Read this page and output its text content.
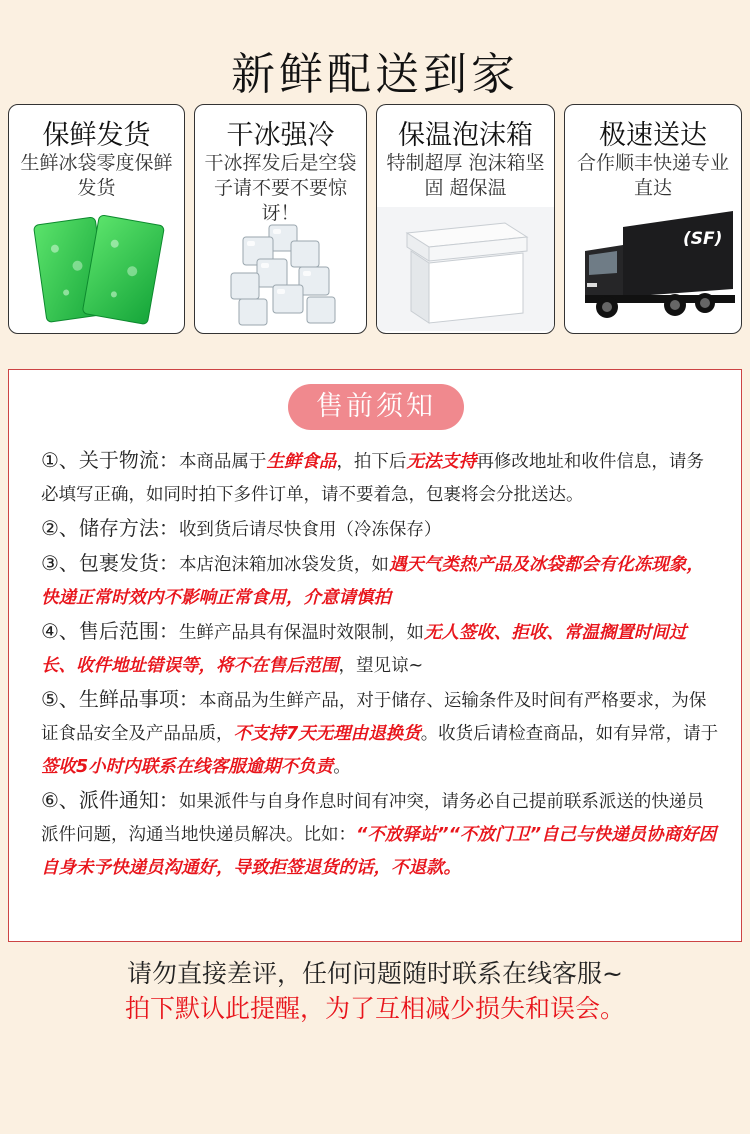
新鲜配送到家
保鲜发货
生鲜冰袋零度保鲜发货
干冰强冷
干冰挥发后是空袋子请不要不要惊讶！
保温泡沫箱
特制超厚 泡沫箱坚固 超保温
极速送达
合作顺丰快递专业直达
(SF)
售前须知
①、关于物流：本商品属于生鲜食品，拍下后无法支持再修改地址和收件信息，请务必填写正确，如同时拍下多件订单，请不要着急，包裹将会分批送达。
②、储存方法：收到货后请尽快食用（冷冻保存）
③、包裹发货：本店泡沫箱加冰袋发货，如遇天气类热产品及冰袋都会有化冻现象，快递正常时效内不影响正常食用，介意请慎拍
④、售后范围：生鲜产品具有保温时效限制，如无人签收、拒收、常温搁置时间过长、收件地址错误等，将不在售后范围，望见谅~
⑤、生鲜品事项：本商品为生鲜产品，对于储存、运输条件及时间有严格要求，为保证食品安全及产品品质，不支持7天无理由退换货。收货后请检查商品，如有异常，请于签收5小时内联系在线客服逾期不负责。
⑥、派件通知：如果派件与自身作息时间有冲突，请务必自己提前联系派送的快递员派件问题，沟通当地快递员解决。比如：“不放驿站”“不放门卫”自己与快递员协商好因自身未予快递员沟通好，导致拒签退货的话，不退款。
请勿直接差评，任何问题随时联系在线客服~
拍下默认此提醒，为了互相减少损失和误会。
